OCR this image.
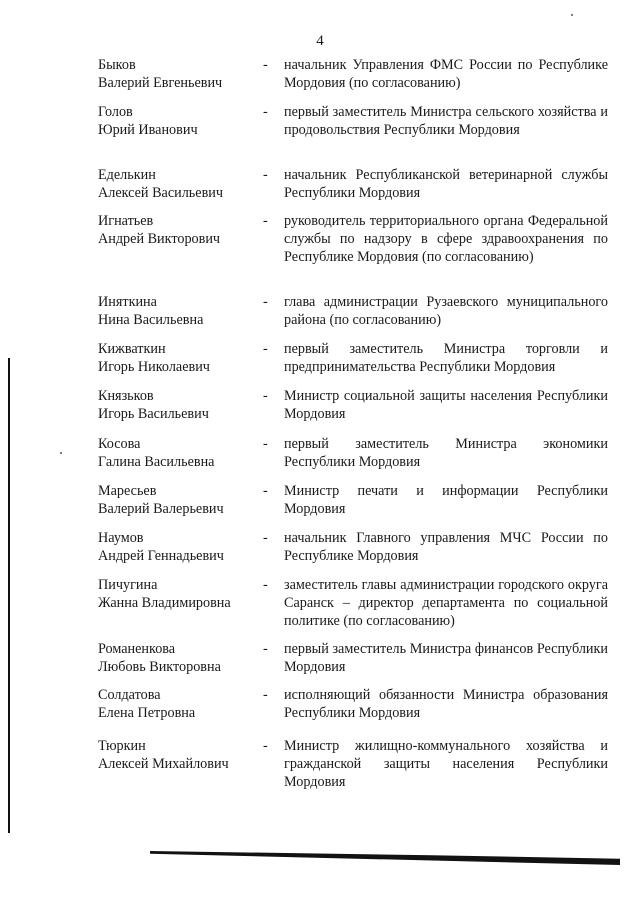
4
Быков
Валерий Евгеньевич
- начальник Управления ФМС России по Республике Мордовия (по согласованию)
Голов
Юрий Иванович
- первый заместитель Министра сельского хозяйства и продовольствия Республики Мордовия
Еделькин
Алексей Васильевич
- начальник Республиканской ветеринарной службы Республики Мордовия
Игнатьев
Андрей Викторович
- руководитель территориального органа Федеральной службы по надзору в сфере здравоохранения по Республике Мордовия (по согласованию)
Иняткина
Нина Васильевна
- глава администрации Рузаевского муниципального района (по согласованию)
Кижваткин
Игорь Николаевич
- первый заместитель Министра торговли и предпринимательства Республики Мордовия
Князьков
Игорь Васильевич
- Министр социальной защиты населения Республики Мордовия
Косова
Галина Васильевна
- первый заместитель Министра экономики Республики Мордовия
Маресьев
Валерий Валерьевич
- Министр печати и информации Республики Мордовия
Наумов
Андрей Геннадьевич
- начальник Главного управления МЧС России по Республике Мордовия
Пичугина
Жанна Владимировна
- заместитель главы администрации городского округа Саранск – директор департамента по социальной политике (по согласованию)
Романенкова
Любовь Викторовна
- первый заместитель Министра финансов Республики Мордовия
Солдатова
Елена Петровна
- исполняющий обязанности Министра образования Республики Мордовия
Тюркин
Алексей Михайлович
- Министр жилищно-коммунального хозяйства и гражданской защиты населения Республики Мордовия
